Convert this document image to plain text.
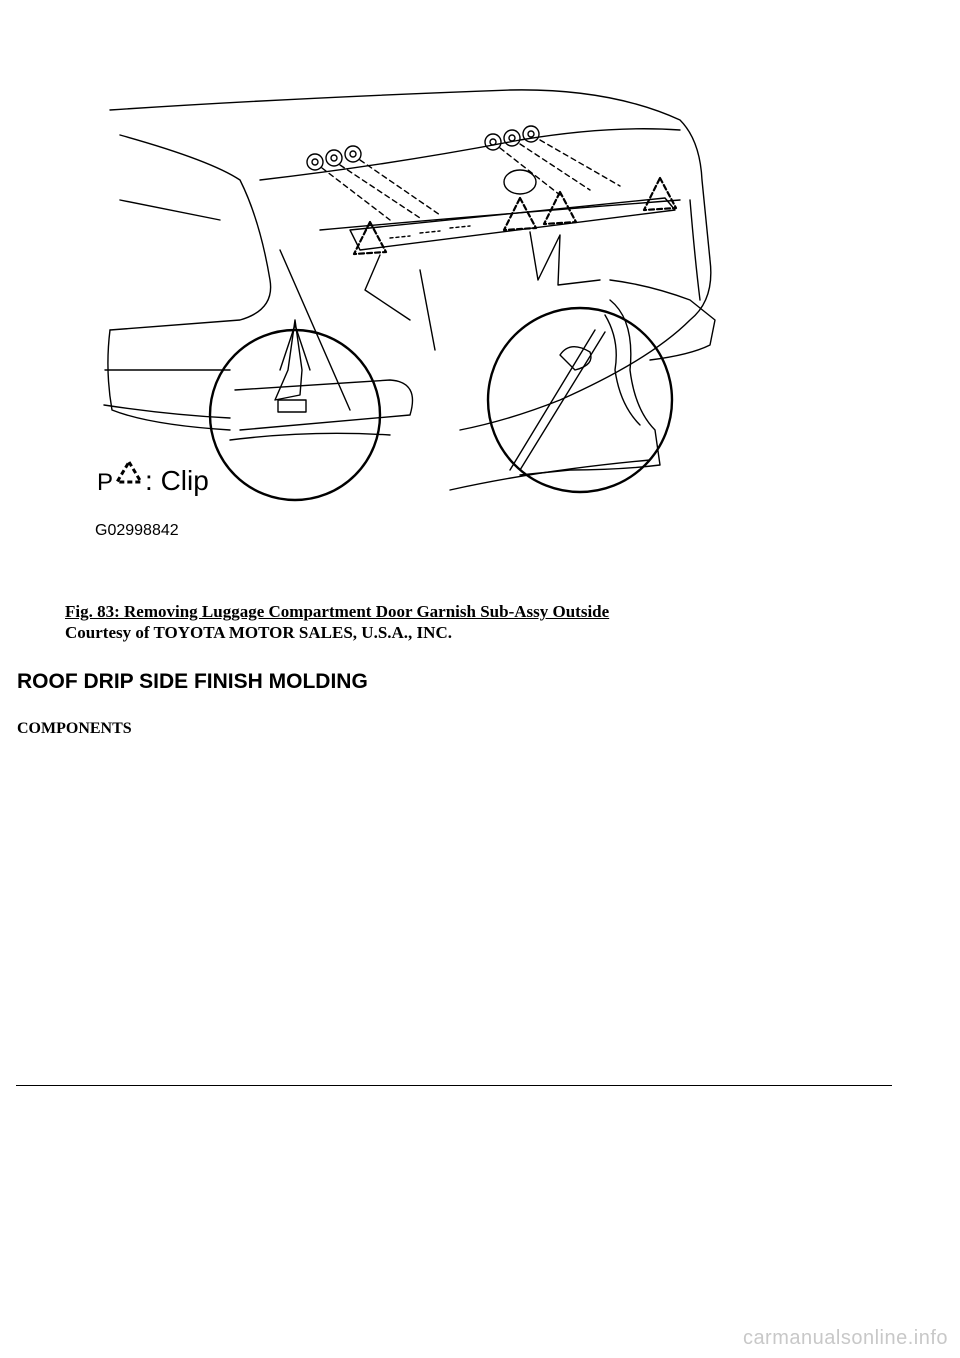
P : Clip
G02998842
Fig. 83: Removing Luggage Compartment Door Garnish Sub-Assy Outside
Courtesy of TOYOTA MOTOR SALES, U.S.A., INC.
ROOF DRIP SIDE FINISH MOLDING
COMPONENTS
carmanualsonline.info
